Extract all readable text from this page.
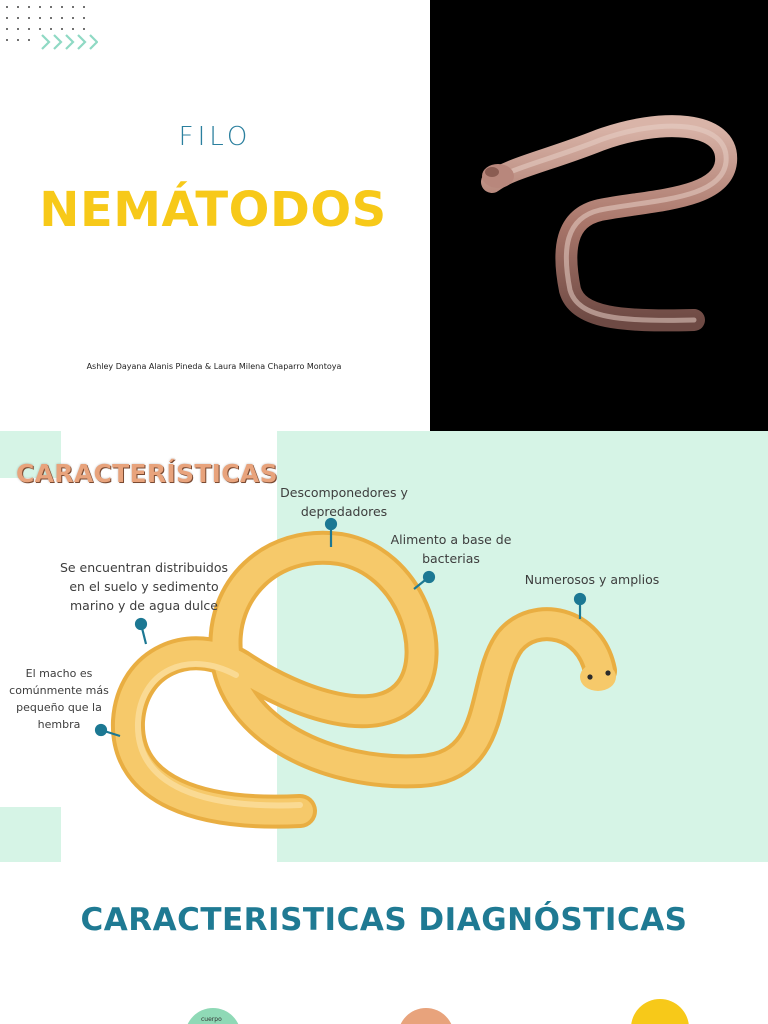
FILO
NEMÁTODOS
Ashley Dayana Alanis Pineda & Laura Milena Chaparro Montoya
CARACTERÍSTICAS
Descomponedores y depredadores
Alimento a base de bacterias
Numerosos y amplios
Se encuentran distribuidos en el suelo y sedimento marino y de agua dulce
El macho es comúnmente más pequeño que la hembra
CARACTERISTICAS DIAGNÓSTICAS
cuerpo
